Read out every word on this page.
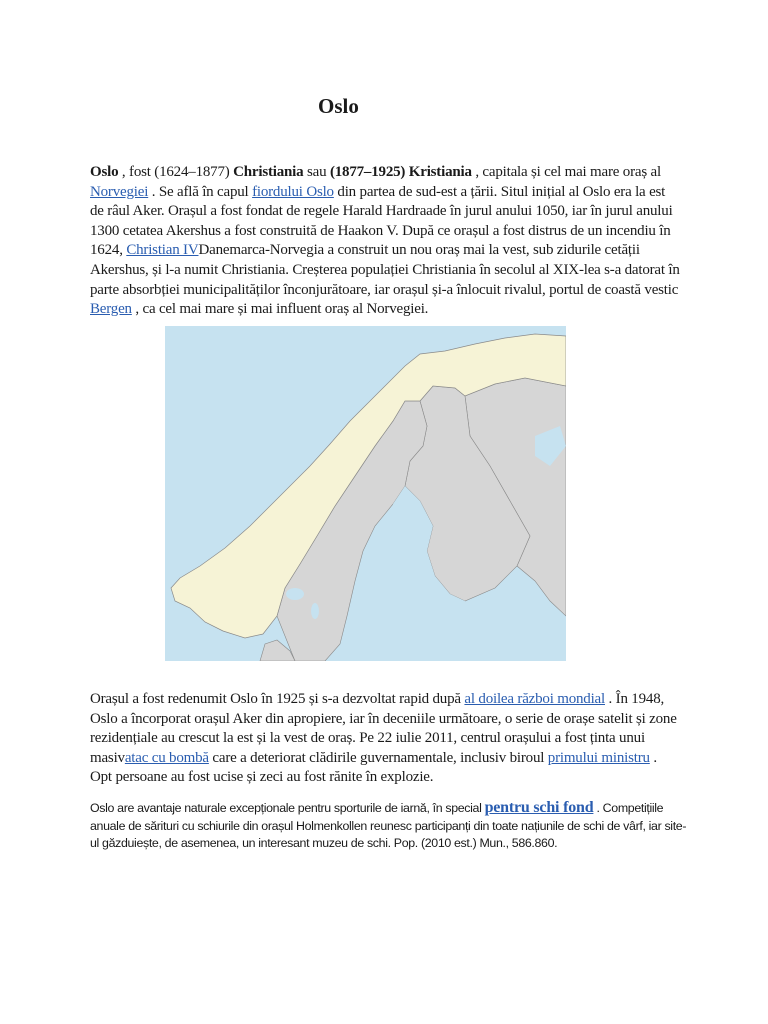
Oslo

Oslo , fost (1624–1877) Christiania sau (1877–1925) Kristiania , capitala și cel mai mare oraș al Norvegiei . Se află în capul fiordului Oslo din partea de sud-est a țării. Situl inițial al Oslo era la est de râul Aker. Orașul a fost fondat de regele Harald Hardraade în jurul anului 1050, iar în jurul anului 1300 cetatea Akershus a fost construită de Haakon V. După ce orașul a fost distrus de un incendiu în 1624, Christian IVDanemarca-Norvegia a construit un nou oraș mai la vest, sub zidurile cetății Akershus, și l-a numit Christiania. Creșterea populației Christiania în secolul al XIX-lea s-a datorat în parte absorbției municipalităților înconjurătoare, iar orașul și-a înlocuit rivalul, portul de coastă vestic Bergen , ca cel mai mare și mai influent oraș al Norvegiei.

Orașul a fost redenumit Oslo în 1925 și s-a dezvoltat rapid după al doilea război mondial . În 1948, Oslo a încorporat orașul Aker din apropiere, iar în deceniile următoare, o serie de orașe satelit și zone rezidențiale au crescut la est și la vest de oraș. Pe 22 iulie 2011, centrul orașului a fost ținta unui masivatac cu bombă care a deteriorat clădirile guvernamentale, inclusiv biroul primului ministru . Opt persoane au fost ucise și zeci au fost rănite în explozie.

Oslo are avantaje naturale excepționale pentru sporturile de iarnă, în special pentru schi fond . Competițiile anuale de sărituri cu schiurile din orașul Holmenkollen reunesc participanți din toate națiunile de schi de vârf, iar site-ul găzduiește, de asemenea, un interesant muzeu de schi. Pop. (2010 est.) Mun., 586.860.
